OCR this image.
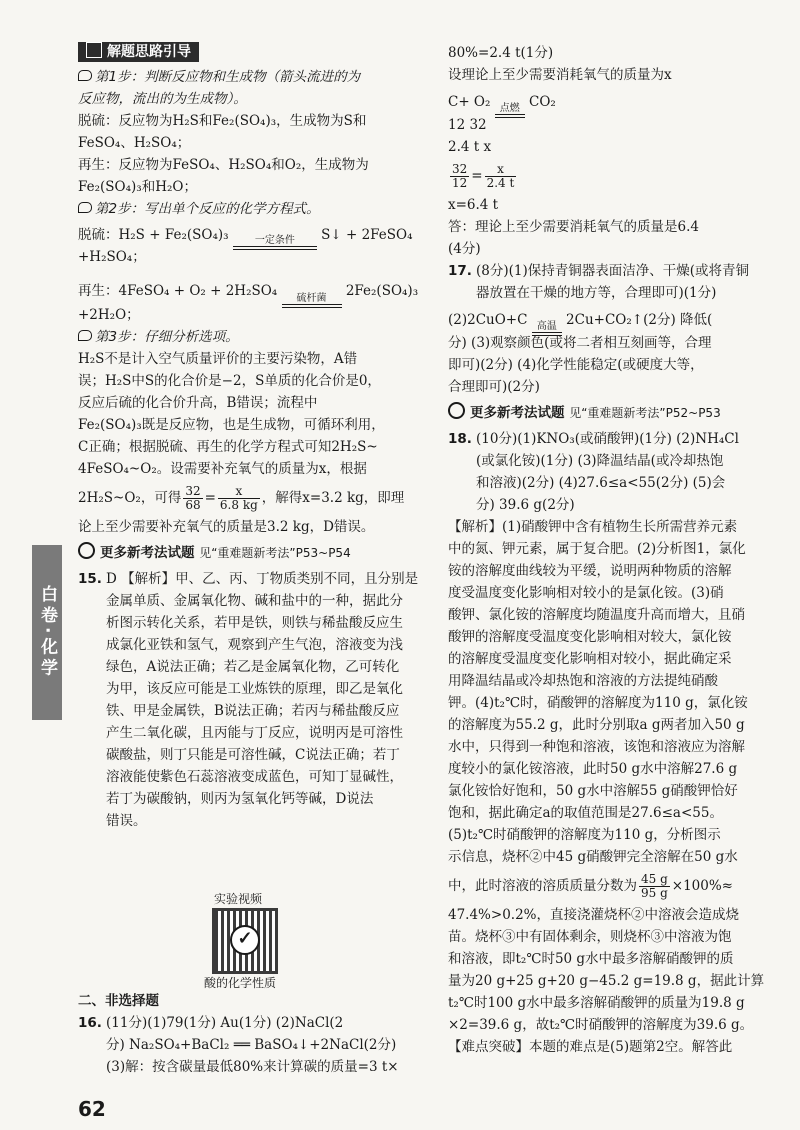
白卷·化学
解题思路引导
第1步：判断反应物和生成物（箭头流进的为
反应物，流出的为生成物）。
脱硫：反应物为H₂S和Fe₂(SO₄)₃，生成物为S和
FeSO₄、H₂SO₄；
再生：反应物为FeSO₄、H₂SO₄和O₂，生成物为
Fe₂(SO₄)₃和H₂O；
第2步：写出单个反应的化学方程式。
脱硫：H₂S + Fe₂(SO₄)₃	一定条件	S↓ + 2FeSO₄
+H₂SO₄；
再生：4FeSO₄ + O₂ + 2H₂SO₄	硫杆菌	2Fe₂(SO₄)₃
+2H₂O；
第3步：仔细分析选项。
H₂S不是计入空气质量评价的主要污染物，A错
误；H₂S中S的化合价是−2，S单质的化合价是0，
反应后硫的化合价升高，B错误；流程中
Fe₂(SO₄)₃既是反应物，也是生成物，可循环利用，
C正确；根据脱硫、再生的化学方程式可知2H₂S~
4FeSO₄~O₂。设需要补充氧气的质量为x，根据
2H₂S~O₂，可得 $\frac{32}{68} = \frac{x}{6.8 kg}$ ，解得x=3.2 kg，即理
论上至少需要补充氧气的质量是3.2 kg，D错误。
更多新考法试题 见“重难题新考法”P53~P54
15. D 【解析】甲、乙、丙、丁物质类别不同，且分别是
金属单质、金属氧化物、碱和盐中的一种，据此分
析图示转化关系，若甲是铁，则铁与稀盐酸反应生
成氯化亚铁和氢气，观察到产生气泡，溶液变为浅
绿色，A说法正确；若乙是金属氧化物，乙可转化
为甲，该反应可能是工业炼铁的原理，即乙是氧化
铁、甲是金属铁，B说法正确；若丙与稀盐酸反应
产生二氧化碳，且丙能与丁反应，说明丙是可溶性
碳酸盐，则丁只能是可溶性碱，C说法正确；若丁
溶液能使紫色石蕊溶液变成蓝色，可知丁显碱性，
若丁为碳酸钠，则丙为氢氧化钙等碱，D说法
错误。
实验视频
✓
酸的化学性质
二、非选择题
16. (11分)(1)79(1分) Au(1分) (2)NaCl(2
分) Na₂SO₄+BaCl₂ ══ BaSO₄↓+2NaCl(2分)
(3)解：按含碳量最低80%来计算碳的质量=3 t×
62
80%=2.4 t(1分)
设理论上至少需要消耗氧气的质量为x
C+ O₂ 点燃 CO₂
12 32
2.4 t x
$\frac{32}{12} = \frac{x}{2.4 t}$
x=6.4 t
答：理论上至少需要消耗氧气的质量是6.4
(4分)
17. (8分)(1)保持青铜器表面洁净、干燥(或将青铜
器放置在干燥的地方等，合理即可)(1分)
(2)2CuO+C 高温 2Cu+CO₂↑(2分) 降低(
分) (3)观察颜色(或将二者相互刻画等，合理
即可)(2分) (4)化学性能稳定(或硬度大等，
合理即可)(2分)
更多新考法试题 见“重难题新考法”P52~P53
18. (10分)(1)KNO₃(或硝酸钾)(1分) (2)NH₄Cl
(或氯化铵)(1分) (3)降温结晶(或冷却热饱
和溶液)(2分) (4)27.6≤a<55(2分) (5)会
分) 39.6 g(2分)
【解析】(1)硝酸钾中含有植物生长所需营养元素
中的氮、钾元素，属于复合肥。(2)分析图1，氯化
铵的溶解度曲线较为平缓，说明两种物质的溶解
度受温度变化影响相对较小的是氯化铵。(3)硝
酸钾、氯化铵的溶解度均随温度升高而增大，且硝
酸钾的溶解度受温度变化影响相对较大，氯化铵
的溶解度受温度变化影响相对较小，据此确定采
用降温结晶或冷却热饱和溶液的方法提纯硝酸
钾。(4)t₂℃时，硝酸钾的溶解度为110 g，氯化铵
的溶解度为55.2 g，此时分别取a g两者加入50 g
水中，只得到一种饱和溶液，该饱和溶液应为溶解
度较小的氯化铵溶液，此时50 g水中溶解27.6 g
氯化铵恰好饱和，50 g水中溶解55 g硝酸钾恰好
饱和，据此确定a的取值范围是27.6≤a<55。
(5)t₂℃时硝酸钾的溶解度为110 g，分析图示
示信息，烧杯②中45 g硝酸钾完全溶解在50 g水
中，此时溶液的溶质质量分数为 $\frac{45 g}{95 g} \times 100\%\approx$
47.4%>0.2%，直接浇灌烧杯②中溶液会造成烧
苗。烧杯③中有固体剩余，则烧杯③中溶液为饱
和溶液，即t₂℃时50 g水中最多溶解硝酸钾的质
量为20 g+25 g+20 g−45.2 g=19.8 g，据此计算
t₂℃时100 g水中最多溶解硝酸钾的质量为19.8 g
×2=39.6 g，故t₂℃时硝酸钾的溶解度为39.6 g。
【难点突破】本题的难点是(5)题第2空。解答此
